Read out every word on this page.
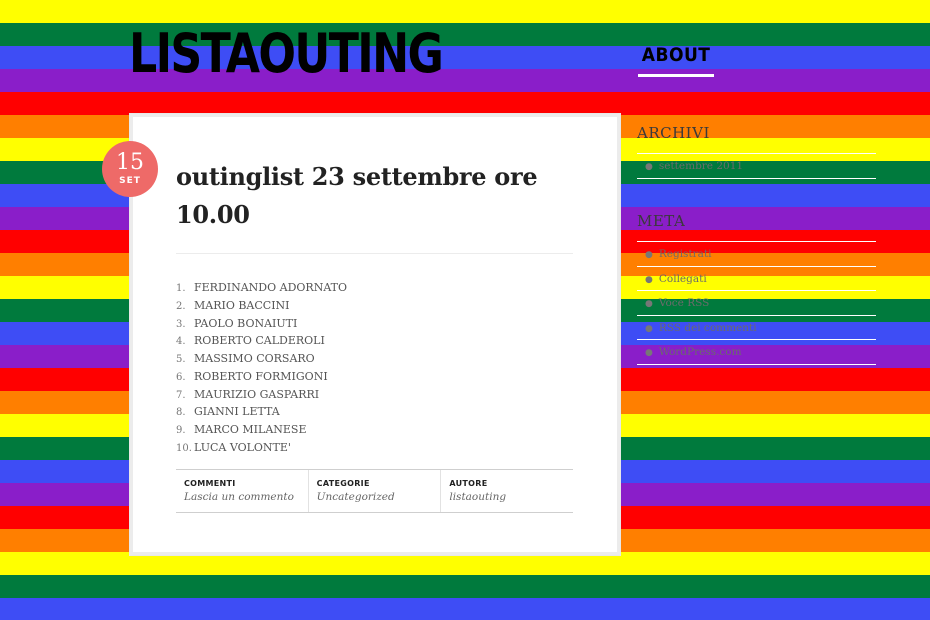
LISTAOUTING	ABOUT
15
SET	outinglist 23 settembre ore 10.00
1. FERDINANDO ADORNATO
2. MARIO BACCINI
3. PAOLO BONAIUTI
4. ROBERTO CALDEROLI
5. MASSIMO CORSARO
6. ROBERTO FORMIGONI
7. MAURIZIO GASPARRI
8. GIANNI LETTA
9. MARCO MILANESE
10. LUCA VOLONTE'
COMMENTI
Lascia un commento
CATEGORIE
Uncategorized
AUTORE
listaouting
ARCHIVI
● settembre 2011
META
● Registrati
● Collegati
● Voce RSS
● RSS dei commenti
● WordPress.com
